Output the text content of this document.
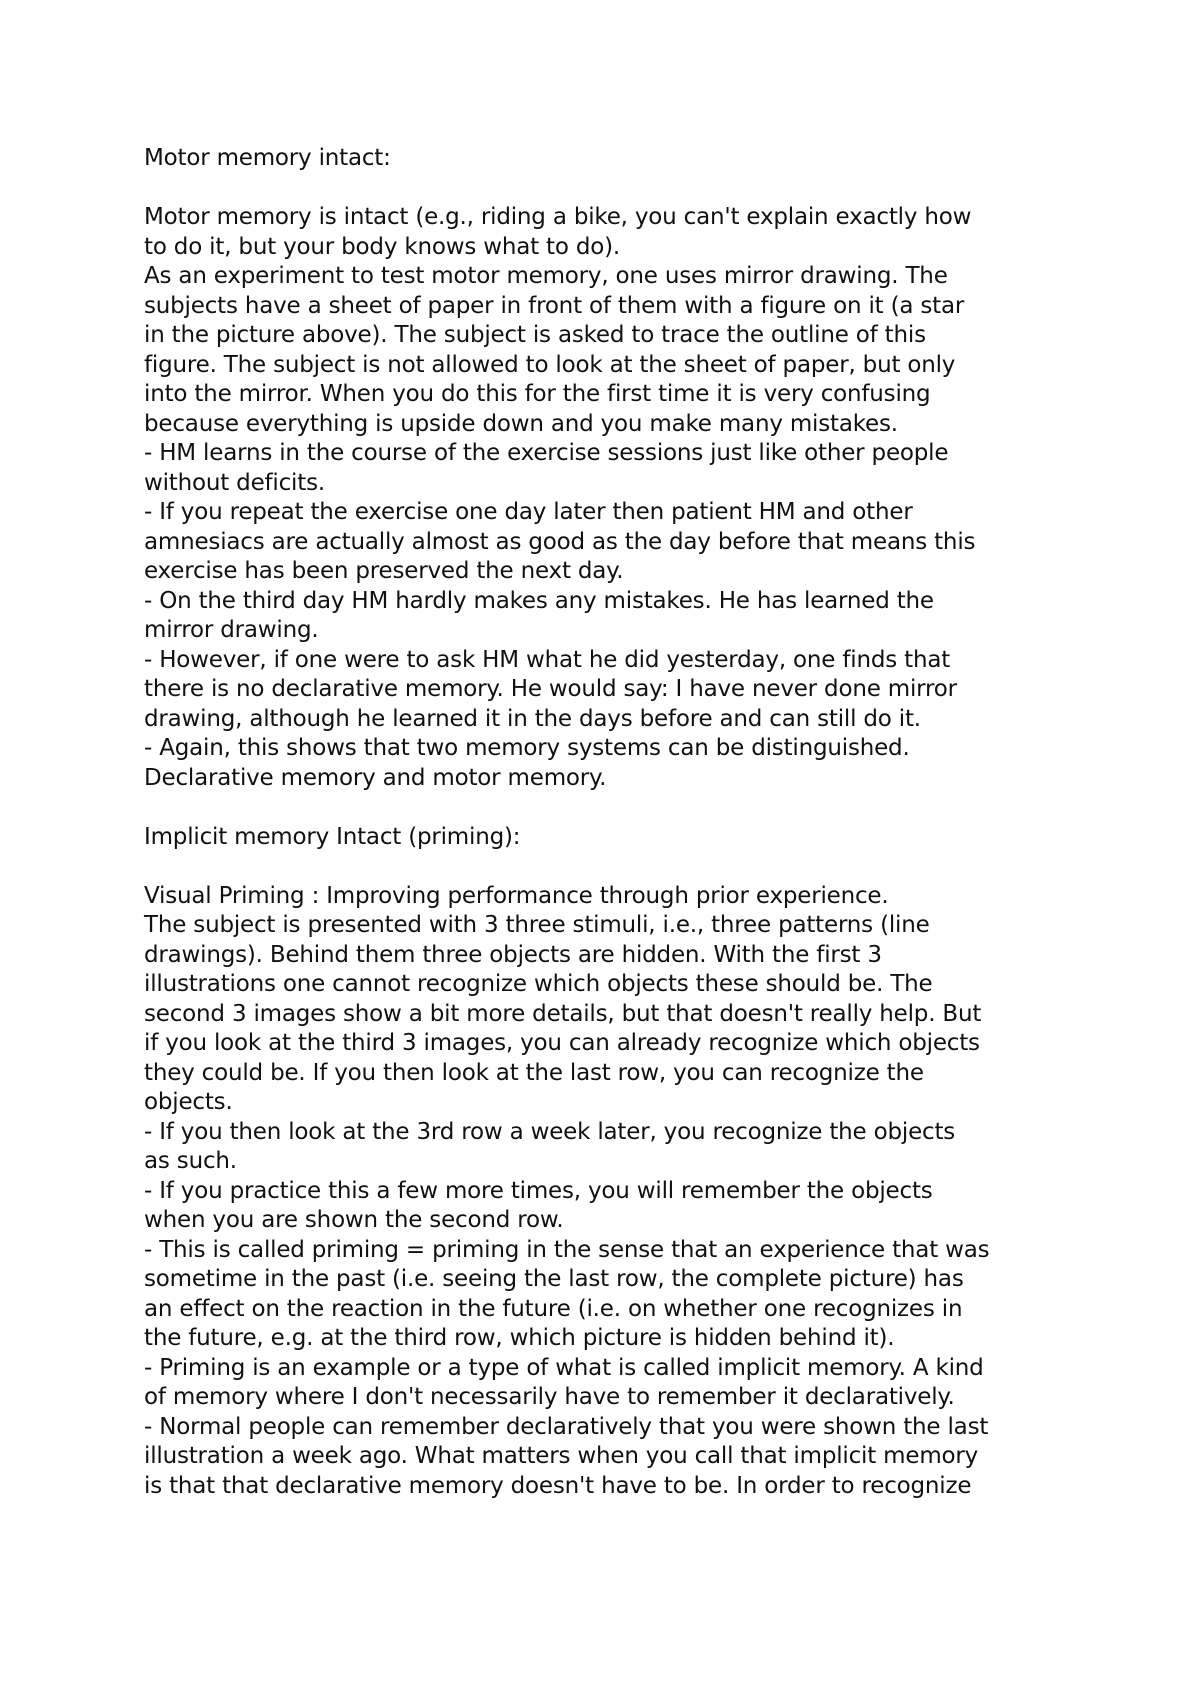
Motor memory intact:
Motor memory is intact (e.g., riding a bike, you can't explain exactly how
to do it, but your body knows what to do).
As an experiment to test motor memory, one uses mirror drawing. The
subjects have a sheet of paper in front of them with a figure on it (a star
in the picture above). The subject is asked to trace the outline of this
figure. The subject is not allowed to look at the sheet of paper, but only
into the mirror. When you do this for the first time it is very confusing
because everything is upside down and you make many mistakes.
- HM learns in the course of the exercise sessions just like other people
without deficits.
- If you repeat the exercise one day later then patient HM and other
amnesiacs are actually almost as good as the day before that means this
exercise has been preserved the next day.
- On the third day HM hardly makes any mistakes. He has learned the
mirror drawing.
- However, if one were to ask HM what he did yesterday, one finds that
there is no declarative memory. He would say: I have never done mirror
drawing, although he learned it in the days before and can still do it.
- Again, this shows that two memory systems can be distinguished.
Declarative memory and motor memory.
Implicit memory Intact (priming):
Visual Priming : Improving performance through prior experience.
The subject is presented with 3 three stimuli, i.e., three patterns (line
drawings). Behind them three objects are hidden. With the first 3
illustrations one cannot recognize which objects these should be. The
second 3 images show a bit more details, but that doesn't really help. But
if you look at the third 3 images, you can already recognize which objects
they could be. If you then look at the last row, you can recognize the
objects.
- If you then look at the 3rd row a week later, you recognize the objects
as such.
- If you practice this a few more times, you will remember the objects
when you are shown the second row.
- This is called priming = priming in the sense that an experience that was
sometime in the past (i.e. seeing the last row, the complete picture) has
an effect on the reaction in the future (i.e. on whether one recognizes in
the future, e.g. at the third row, which picture is hidden behind it).
- Priming is an example or a type of what is called implicit memory. A kind
of memory where I don't necessarily have to remember it declaratively.
- Normal people can remember declaratively that you were shown the last
illustration a week ago. What matters when you call that implicit memory
is that that declarative memory doesn't have to be. In order to recognize
